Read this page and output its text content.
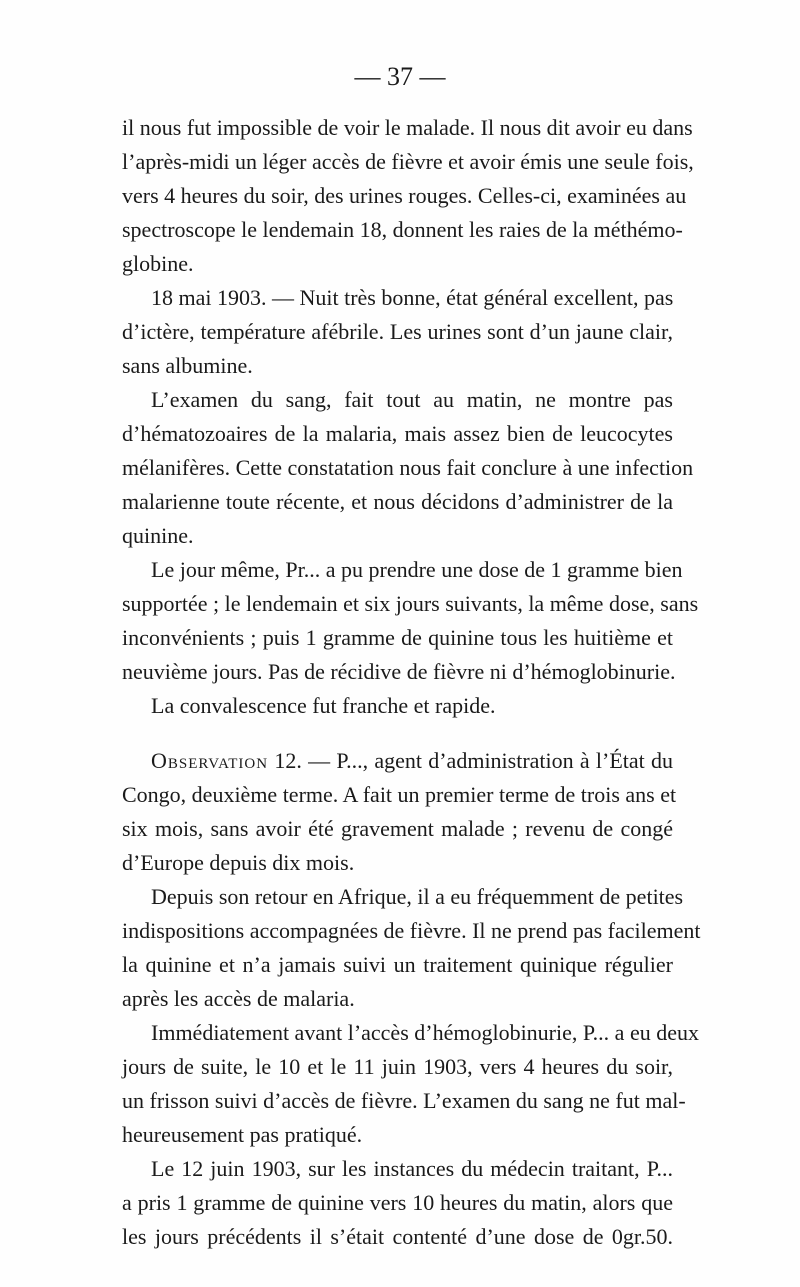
— 37 —
il nous fut impossible de voir le malade. Il nous dit avoir eu dans
l’après-midi un léger accès de fièvre et avoir émis une seule fois,
vers 4 heures du soir, des urines rouges. Celles-ci, examinées au
spectroscope le lendemain 18, donnent les raies de la méthémo-
globine.
18 mai 1903. — Nuit très bonne, état général excellent, pas
d’ictère, température afébrile. Les urines sont d’un jaune clair,
sans albumine.
L’examen du sang, fait tout au matin, ne montre pas
d’hématozoaires de la malaria, mais assez bien de leucocytes
mélanifères. Cette constatation nous fait conclure à une infection
malarienne toute récente, et nous décidons d’administrer de la
quinine.
Le jour même, Pr... a pu prendre une dose de 1 gramme bien
supportée ; le lendemain et six jours suivants, la même dose, sans
inconvénients ; puis 1 gramme de quinine tous les huitième et
neuvième jours. Pas de récidive de fièvre ni d’hémoglobinurie.
La convalescence fut franche et rapide.
Observation 12. — P..., agent d’administration à l’État du
Congo, deuxième terme. A fait un premier terme de trois ans et
six mois, sans avoir été gravement malade ; revenu de congé
d’Europe depuis dix mois.
Depuis son retour en Afrique, il a eu fréquemment de petites
indispositions accompagnées de fièvre. Il ne prend pas facilement
la quinine et n’a jamais suivi un traitement quinique régulier
après les accès de malaria.
Immédiatement avant l’accès d’hémoglobinurie, P... a eu deux
jours de suite, le 10 et le 11 juin 1903, vers 4 heures du soir,
un frisson suivi d’accès de fièvre. L’examen du sang ne fut mal-
heureusement pas pratiqué.
Le 12 juin 1903, sur les instances du médecin traitant, P...
a pris 1 gramme de quinine vers 10 heures du matin, alors que
les jours précédents il s’était contenté d’une dose de 0gr.50.
